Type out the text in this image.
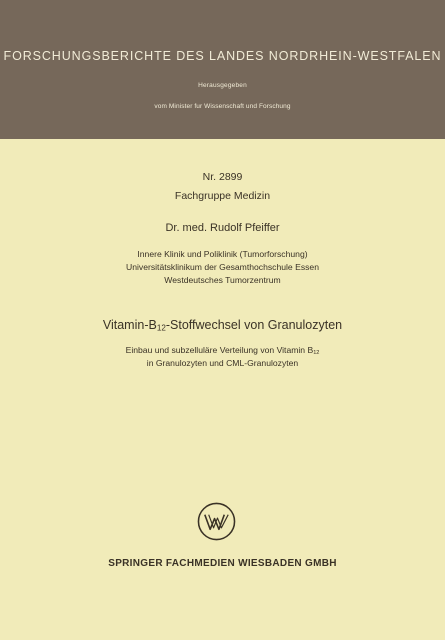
FORSCHUNGSBERICHTE DES LANDES NORDRHEIN-WESTFALEN
Herausgegeben
vom Minister fur Wissenschaft und Forschung
Nr. 2899
Fachgruppe Medizin
Dr. med. Rudolf Pfeiffer
Innere Klinik und Poliklinik (Tumorforschung)
Universitätsklinikum der Gesamthochschule Essen
Westdeutsches Tumorzentrum
Vitamin-$B_{12}$-Stoffwechsel von Granulozyten
Einbau und subzelluläre Verteilung von Vitamin $B_{12}$
in Granulozyten und CML-Granulozyten
SPRINGER FACHMEDIEN WIESBADEN GMBH
